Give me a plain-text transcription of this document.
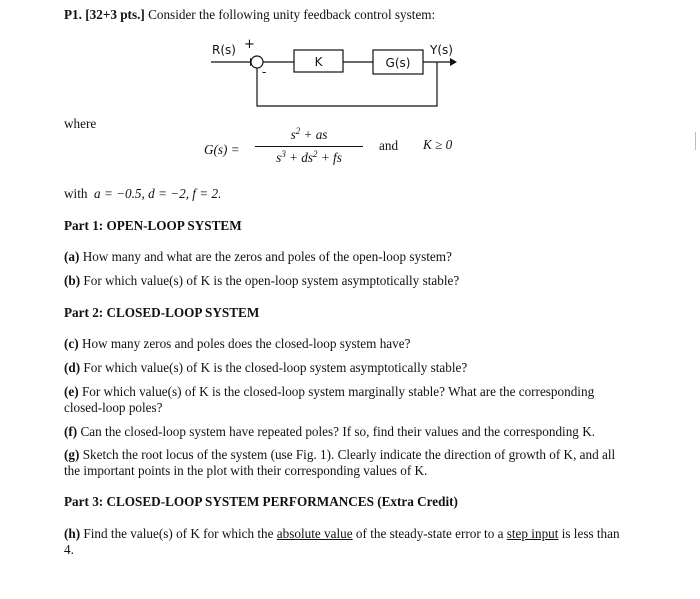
P1. [32+3 pts.] Consider the following unity feedback control system:
R(s) +
-
K	G(s)
Y(s)
where
G(s) =
$s^2$ + as
$s^3 + ds^2$ + fs
and K ≥ 0
with a = −0.5, d = −2, f = 2.
Part 1: OPEN-LOOP SYSTEM
(a) How many and what are the zeros and poles of the open-loop system?
(b) For which value(s) of K is the open-loop system asymptotically stable?
Part 2: CLOSED-LOOP SYSTEM
(c) How many zeros and poles does the closed-loop system have?
(d) For which value(s) of K is the closed-loop system asymptotically stable?
(e) For which value(s) of K is the closed-loop system marginally stable? What are the corresponding closed-loop poles?
(f) Can the closed-loop system have repeated poles? If so, find their values and the corresponding K.
(g) Sketch the root locus of the system (use Fig. 1). Clearly indicate the direction of growth of K, and all the important points in the plot with their corresponding values of K.
Part 3: CLOSED-LOOP SYSTEM PERFORMANCES (Extra Credit)
(h) Find the value(s) of K for which the absolute value of the steady-state error to a step input is less than 4.
